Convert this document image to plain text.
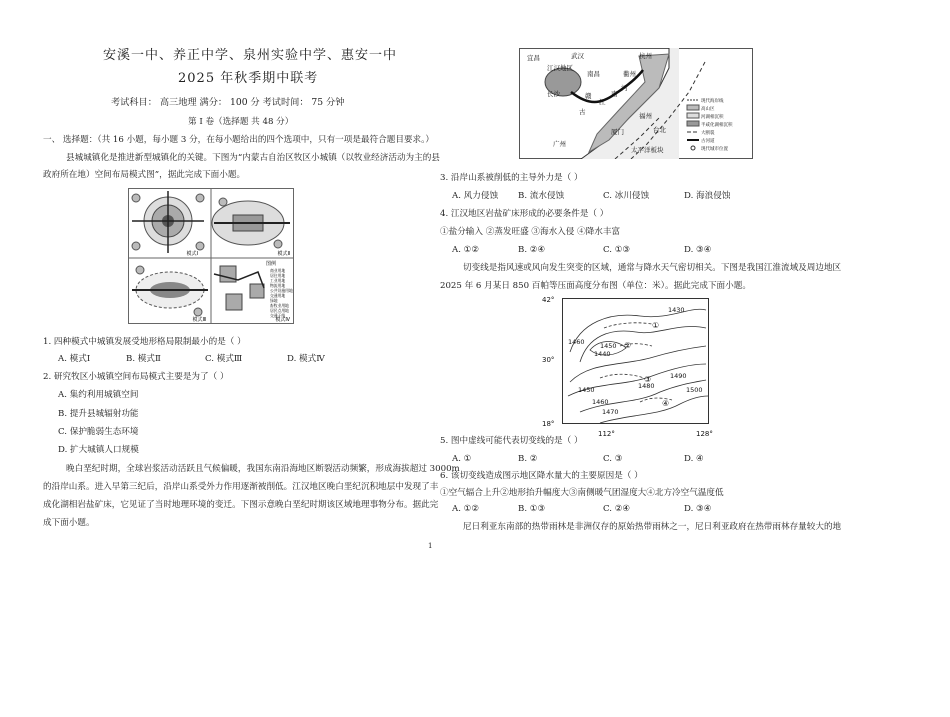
安溪一中、养正中学、泉州实验中学、惠安一中
2025 年秋季期中联考
考试科目： 高三地理 满分： 100 分 考试时间： 75 分钟
第 I 卷（选择题 共 48 分）
一、 选择题：（共 16 小题，每小题 3 分，在每小题给出的四个选项中，只有一项是最符合题目要求。）
县城城镇化是推进新型城镇化的关键。下图为“内蒙古自治区牧区小城镇（以牧业经济活动为主的县
政府所在地）空间布局模式图”，据此完成下面小题。
模式Ⅰ	模式Ⅱ
模式Ⅲ	模式Ⅳ
图例
商业用地
居住用地
工业用地
物流用地
公共设施用地
交通用地
绿地
畜牧业用地
居民点用地
交通干线
1. 四种模式中城镇发展受地形格局限制最小的是（ ）
A. 模式Ⅰ	B. 模式Ⅱ	C. 模式Ⅲ	D. 模式Ⅳ
2. 研究牧区小城镇空间布局模式主要是为了（ ）
A. 集约利用城镇空间
B. 提升县城辐射功能
C. 保护脆弱生态环境
D. 扩大城镇人口规模
晚白垩纪时期，全球岩浆活动活跃且气候偏暖，我国东南沿海地区断裂活动频繁，形成海拔超过 3000m
的沿岸山系。进入早第三纪后，沿岸山系受外力作用逐渐被削低。江汉地区晚白垩纪沉积地层中发现了丰
成化湖相岩盐矿床，它见证了当时地理环境的变迁。下图示意晚白垩纪时期该区域地理事物分布。据此完
成下面小题。
宜昌	武汉	杭州
江汉地区
南昌	衢州
长沙	赣
江
南
河
古	福州
厦门	台北
广州
太平洋板块
现代海岸线
高山区
河湖相沉积
半咸化湖相沉积
大断裂
古河道
现代城市位置
3. 沿岸山系被削低的主导外力是（ ）
A. 风力侵蚀 B. 流水侵蚀	C. 冰川侵蚀	D. 海浪侵蚀
4. 江汉地区岩盐矿床形成的必要条件是（ ）
①盐分输入 ②蒸发旺盛 ③海水入侵 ④降水丰富
A. ①②	B. ②④	C. ①③	D. ③④
切变线是指风速或风向发生突变的区域，通常与降水天气密切相关。下图是我国江淮流域及周边地区
2025 年 6 月某日 850 百帕等压面高度分布图（单位：米）。据此完成下面小题。
42°
30°
18°
112°	128°
1430
1460
1440
1450
1450
1460
1470
1480
1490
1500
①
②
③
④
5. 图中虚线可能代表切变线的是（ ）
A. ①	B. ②	C. ③	D. ④
6. 该切变线造成图示地区降水量大的主要原因是（ ）
①空气辐合上升②地形抬升幅度大③南侧暖气团湿度大④北方冷空气温度低
A. ①②	B. ①③	C. ②④	D. ③④
尼日利亚东南部的热带雨林是非洲仅存的原始热带雨林之一，尼日利亚政府在热带雨林存量较大的地
1
